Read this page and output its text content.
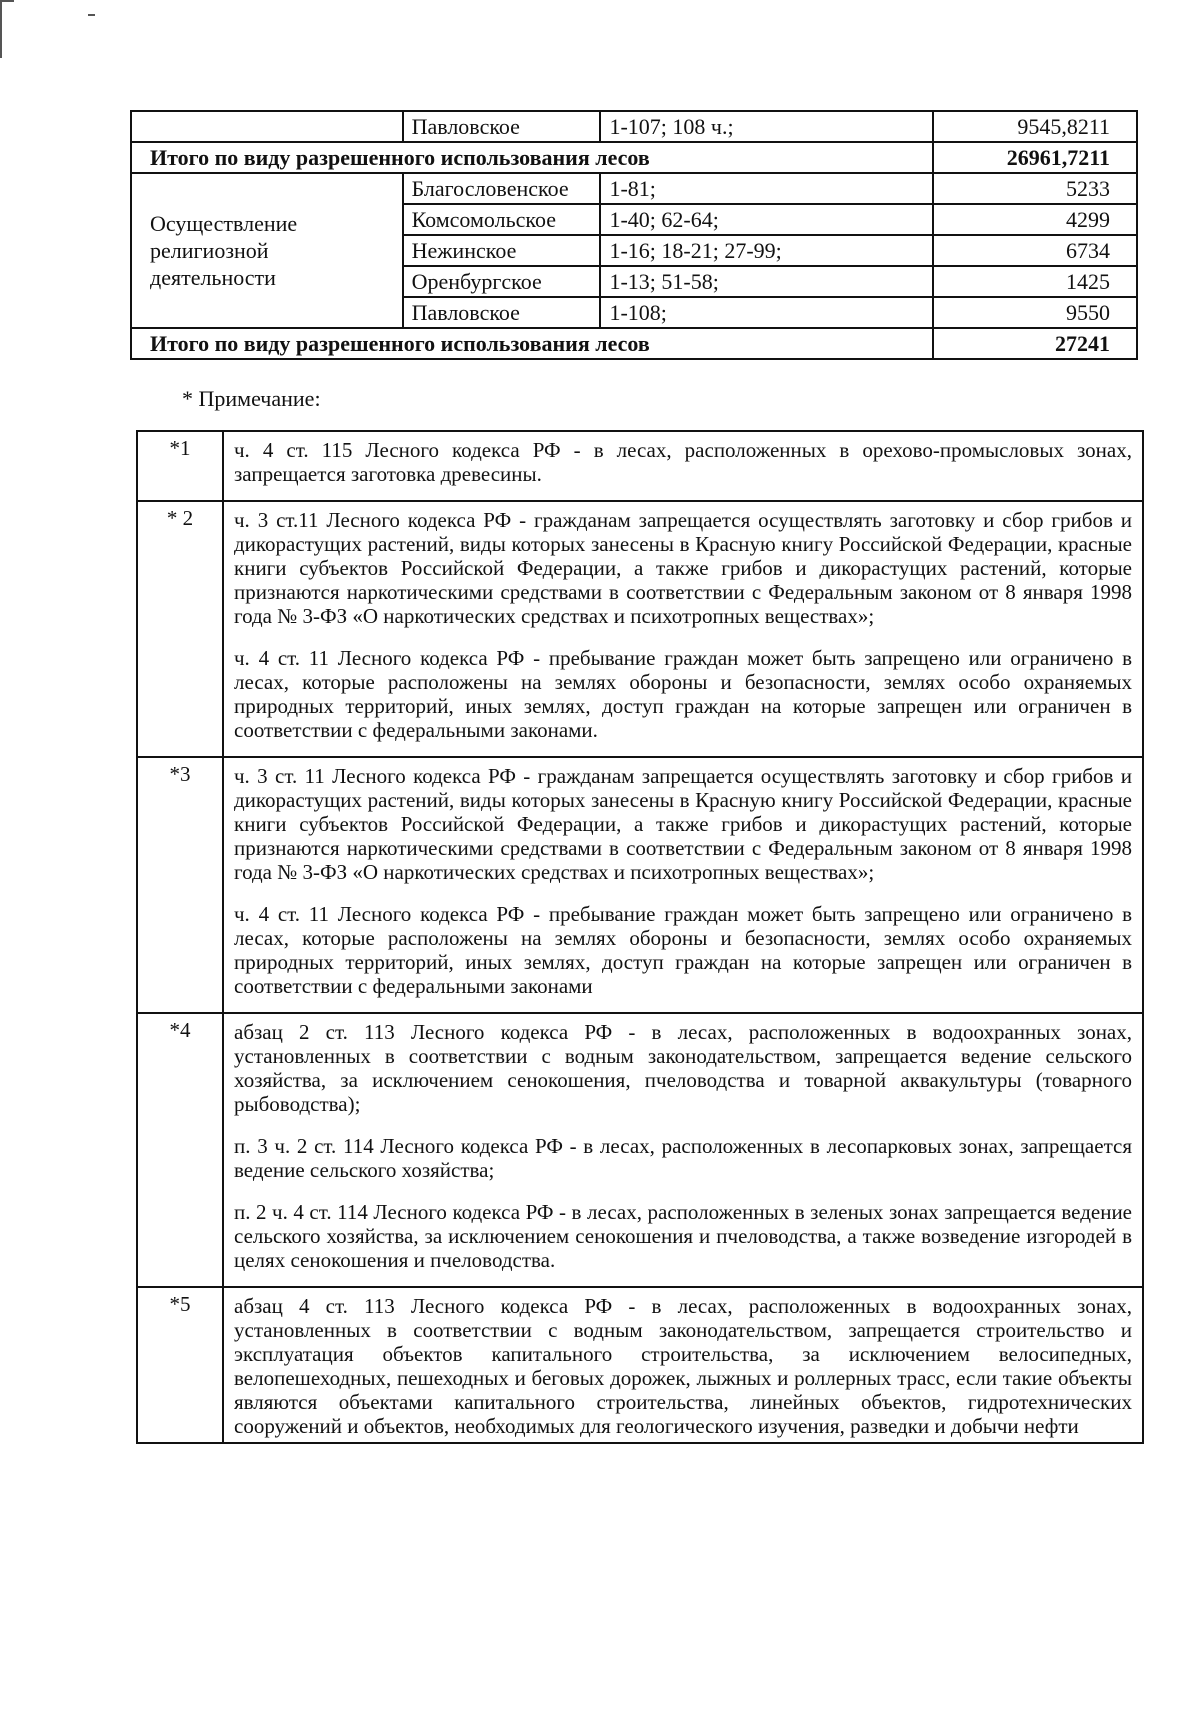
	Павловское	1-107; 108 ч.;	9545,8211
Итого по виду разрешенного использования лесов			26961,7211
Осуществление религиозной деятельности	Благословенское	1-81;	5233
	Комсомольское	1-40; 62-64;	4299
	Нежинское	1-16; 18-21; 27-99;	6734
	Оренбургское	1-13; 51-58;	1425
	Павловское	1-108;	9550
Итого по виду разрешенного использования лесов			27241
* Примечание:
*1	ч. 4 ст. 115 Лесного кодекса РФ - в лесах, расположенных в орехово-промысловых зонах, запрещается заготовка древесины.

* 2	ч. 3 ст.11 Лесного кодекса РФ - гражданам запрещается осуществлять заготовку и сбор грибов и дикорастущих растений, виды которых занесены в Красную книгу Российской Федерации, красные книги субъектов Российской Федерации, а также грибов и дикорастущих растений, которые признаются наркотическими средствами в соответствии с Федеральным законом от 8 января 1998 года № 3-ФЗ «О наркотических средствах и психотропных веществах»;

ч. 4 ст. 11 Лесного кодекса РФ - пребывание граждан может быть запрещено или ограничено в лесах, которые расположены на землях обороны и безопасности, землях особо охраняемых природных территорий, иных землях, доступ граждан на которые запрещен или ограничен в соответствии с федеральными законами.

*3	ч. 3 ст. 11 Лесного кодекса РФ - гражданам запрещается осуществлять заготовку и сбор грибов и дикорастущих растений, виды которых занесены в Красную книгу Российской Федерации, красные книги субъектов Российской Федерации, а также грибов и дикорастущих растений, которые признаются наркотическими средствами в соответствии с Федеральным законом от 8 января 1998 года № 3-ФЗ «О наркотических средствах и психотропных веществах»;

ч. 4 ст. 11 Лесного кодекса РФ - пребывание граждан может быть запрещено или ограничено в лесах, которые расположены на землях обороны и безопасности, землях особо охраняемых природных территорий, иных землях, доступ граждан на которые запрещен или ограничен в соответствии с федеральными законами

*4	абзац 2 ст. 113 Лесного кодекса РФ - в лесах, расположенных в водоохранных зонах, установленных в соответствии с водным законодательством, запрещается ведение сельского хозяйства, за исключением сенокошения, пчеловодства и товарной аквакультуры (товарного рыбоводства);

п. 3 ч. 2 ст. 114 Лесного кодекса РФ - в лесах, расположенных в лесопарковых зонах, запрещается ведение сельского хозяйства;

п. 2 ч. 4 ст. 114 Лесного кодекса РФ - в лесах, расположенных в зеленых зонах запрещается ведение сельского хозяйства, за исключением сенокошения и пчеловодства, а также возведение изгородей в целях сенокошения и пчеловодства.

*5	абзац 4 ст. 113 Лесного кодекса РФ - в лесах, расположенных в водоохранных зонах, установленных в соответствии с водным законодательством, запрещается строительство и эксплуатация объектов капитального строительства, за исключением велосипедных, велопешеходных, пешеходных и беговых дорожек, лыжных и роллерных трасс, если такие объекты являются объектами капитального строительства, линейных объектов, гидротехнических сооружений и объектов, необходимых для геологического изучения, разведки и добычи нефти
